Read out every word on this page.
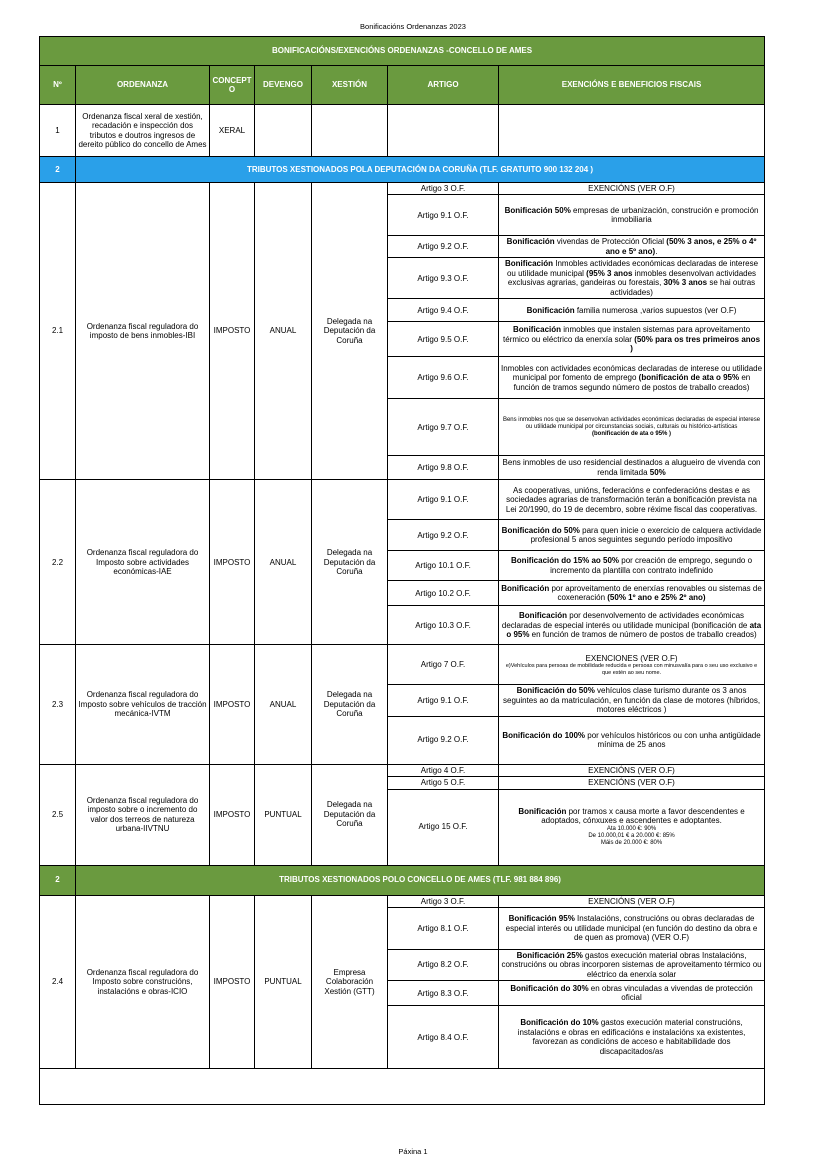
Bonificacións Ordenanzas 2023
BONIFICACIÓNS/EXENCIÓNS ORDENANZAS -CONCELLO DE AMES						
Nº	ORDENANZA	CONCEPT
O	DEVENGO	XESTIÓN	ARTIGO	EXENCIÓNS E BENEFICIOS FISCAIS
1	Ordenanza fiscal xeral de xestión, recadación e inspección dos tributos e doutros ingresos de dereito público do concello de Ames	XERAL				
2	TRIBUTOS XESTIONADOS POLA DEPUTACIÓN DA CORUÑA (TLF. GRATUITO 900 132 204 )					
2.1	Ordenanza fiscal reguladora do imposto de bens inmobles-IBI	IMPOSTO	ANUAL	Delegada na Deputación da Coruña	Artigo 3 O.F.	EXENCIÓNS (VER O.F)
					Artigo 9.1 O.F.	Bonificación 50% empresas de urbanización, construción e promoción inmobiliaria
					Artigo 9.2 O.F.	Bonificación vivendas de Protección Oficial (50% 3 anos, e 25% o 4º ano e 5º ano).
					Artigo 9.3 O.F.	Bonificación Inmobles actividades económicas declaradas de interese ou utilidade municipal (95% 3 anos inmobles desenvolvan actividades exclusivas agrarias, gandeiras ou forestais, 30% 3 anos se hai outras actividades)
					Artigo 9.4 O.F.	Bonificación familia numerosa ,varios supuestos (ver O.F)
					Artigo 9.5 O.F.	Bonificación inmobles que instalen sistemas para aproveitamento térmico ou eléctrico da enerxía solar (50% para os tres primeiros anos )
					Artigo 9.6 O.F.	Inmobles con actividades económicas declaradas de interese ou utilidade municipal por fomento de emprego (bonificación de ata o 95% en función de tramos segundo número de postos de traballo creados)
					Artigo 9.7 O.F.	Bens inmobles nos que se desenvolvan actividades económicas declaradas de especial interese ou utilidade municipal por circunstancias sociais, culturais ou histórico-artísticas
(bonificación de ata o 95% )

					Artigo 9.8 O.F.	Bens inmobles de uso residencial destinados a alugueiro de vivenda con renda limitada 50%
2.2	Ordenanza fiscal reguladora do Imposto sobre actividades económicas-IAE	IMPOSTO	ANUAL	Delegada na Deputación da Coruña	Artigo 9.1 O.F.	As cooperativas, unións, federacións e confederacións destas e as sociedades agrarias de transformación terán a bonificación prevista na Lei 20/1990, do 19 de decembro, sobre réxime fiscal das cooperativas.
					Artigo 9.2 O.F.	Bonificación do 50% para quen inicie o exercicio de calquera actividade profesional 5 anos seguintes segundo período impositivo
					Artigo 10.1 O.F.	Bonificación do 15% ao 50% por creación de emprego, segundo o incremento da plantilla con contrato indefinido
					Artigo 10.2 O.F.	Bonificación por aproveitamento de enerxías renovables ou sistemas de coxeneración (50% 1º ano e 25% 2º ano)
					Artigo 10.3 O.F.	Bonificación por desenvolvemento de actividades económicas declaradas de especial interés ou utilidade municipal (bonificación de ata o 95% en función de tramos de número de postos de traballo creados)
2.3	Ordenanza fiscal reguladora do Imposto sobre vehículos de tracción mecánica-IVTM	IMPOSTO	ANUAL	Delegada na Deputación da Coruña	Artigo 7 O.F.	EXENCIONES (VER O.F)
e)Vehículos para persoas de mobilidade reducida e persoas con minusvalía para o seu uso exclusivo e que estén ao seu nome.

					Artigo 9.1 O.F.	Bonificación do 50% vehículos clase turismo durante os 3 anos seguintes ao da matriculación, en función da clase de motores (híbridos, motores eléctricos )
					Artigo 9.2 O.F.	Bonificación do 100% por vehículos históricos ou con unha antigüidade mínima de 25 anos
2.5	Ordenanza fiscal reguladora do imposto sobre o incremento do valor dos terreos de natureza urbana-IIVTNU	IMPOSTO	PUNTUAL	Delegada na Deputación da Coruña	Artigo 4 O.F.	EXENCIÓNS (VER O.F)
					Artigo 5 O.F.	EXENCIÓNS (VER O.F)
					Artigo 15 O.F.	Bonificación por tramos x causa morte a favor descendentes e adoptados, cónxuxes e ascendentes e adoptantes.
Ata 10.000 €: 90%
De 10.000,01 € a 20.000 €: 85%
Máis de 20.000 €: 80%

2	TRIBUTOS XESTIONADOS POLO CONCELLO DE AMES (TLF. 981 884 896)					
2.4	Ordenanza fiscal reguladora do Imposto sobre construcións, instalacións e obras-ICIO	IMPOSTO	PUNTUAL	Empresa Colaboración Xestión (GTT)	Artigo 3 O.F.	EXENCIÓNS (VER O.F)
					Artigo 8.1 O.F.	Bonificación 95% Instalacións, construcións ou obras declaradas de especial interés ou utilidade municipal (en función do destino da obra e de quen as promova) (VER O.F)
					Artigo 8.2 O.F.	Bonificación 25% gastos execución material obras Instalacións, construcións ou obras incorporen sistemas de aproveitamento térmico ou eléctrico da enerxía solar
					Artigo 8.3 O.F.	Bonificación do 30% en obras vinculadas a vivendas de protección oficial
					Artigo 8.4 O.F.	Bonificación do 10% gastos execución material construcións, instalacións e obras en edificacións e instalacións xa existentes, favorezan as condicións de acceso e habitabilidade dos discapacitados/as

Páxina 1
